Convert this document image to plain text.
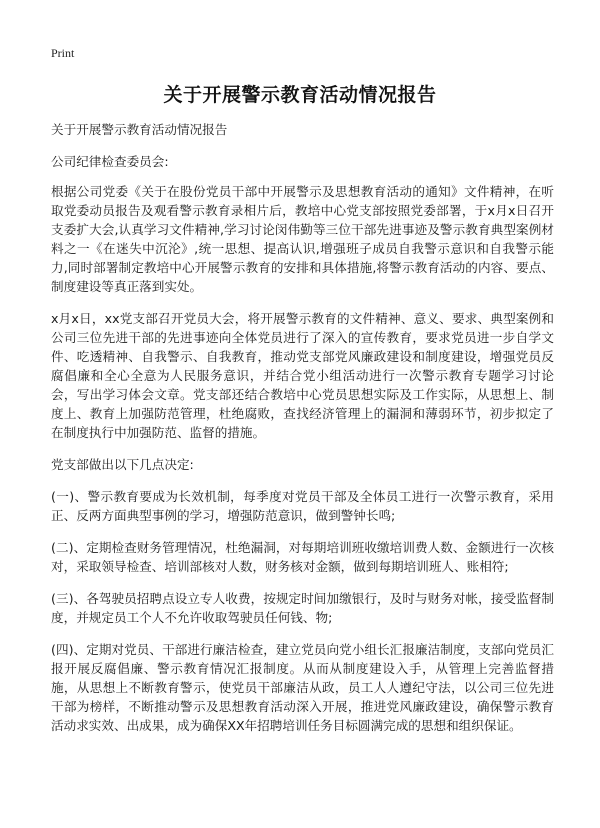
Print
关于开展警示教育活动情况报告

关于开展警示教育活动情况报告

公司纪律检查委员会:

根据公司党委《关于在股份党员干部中开展警示及思想教育活动的通知》文件精神，在听取党委动员报告及观看警示教育录相片后，教培中心党支部按照党委部署，于x月x日召开支委扩大会,认真学习文件精神,学习讨论闵伟勤等三位干部先进事迹及警示教育典型案例材料之一《在迷失中沉沦》,统一思想、提高认识,增强班子成员自我警示意识和自我警示能力,同时部署制定教培中心开展警示教育的安排和具体措施,将警示教育活动的内容、要点、制度建设等真正落到实处。

x月x日，xx党支部召开党员大会，将开展警示教育的文件精神、意义、要求、典型案例和公司三位先进干部的先进事迹向全体党员进行了深入的宣传教育，要求党员进一步自学文件、吃透精神、自我警示、自我教育，推动党支部党风廉政建设和制度建设，增强党员反腐倡廉和全心全意为人民服务意识，并结合党小组活动进行一次警示教育专题学习讨论会，写出学习体会文章。党支部还结合教培中心党员思想实际及工作实际，从思想上、制度上、教育上加强防范管理，杜绝腐败，查找经济管理上的漏洞和薄弱环节，初步拟定了在制度执行中加强防范、监督的措施。

党支部做出以下几点决定:

(一)、警示教育要成为长效机制，每季度对党员干部及全体员工进行一次警示教育，采用正、反两方面典型事例的学习，增强防范意识，做到警钟长鸣;

(二)、定期检查财务管理情况，杜绝漏洞，对每期培训班收缴培训费人数、金额进行一次核对，采取领导检查、培训部核对人数，财务核对金额，做到每期培训班人、账相符;

(三)、各驾驶员招聘点设立专人收费，按规定时间加缴银行，及时与财务对帐，接受监督制度，并规定员工个人不允许收取驾驶员任何钱、物;

(四)、定期对党员、干部进行廉洁检查，建立党员向党小组长汇报廉洁制度，支部向党员汇报开展反腐倡廉、警示教育情况汇报制度。从而从制度建设入手，从管理上完善监督措施，从思想上不断教育警示，使党员干部廉洁从政，员工人人遵纪守法，以公司三位先进干部为榜样，不断推动警示及思想教育活动深入开展，推进党风廉政建设，确保警示教育活动求实效、出成果，成为确保XX年招聘培训任务目标圆满完成的思想和组织保证。
